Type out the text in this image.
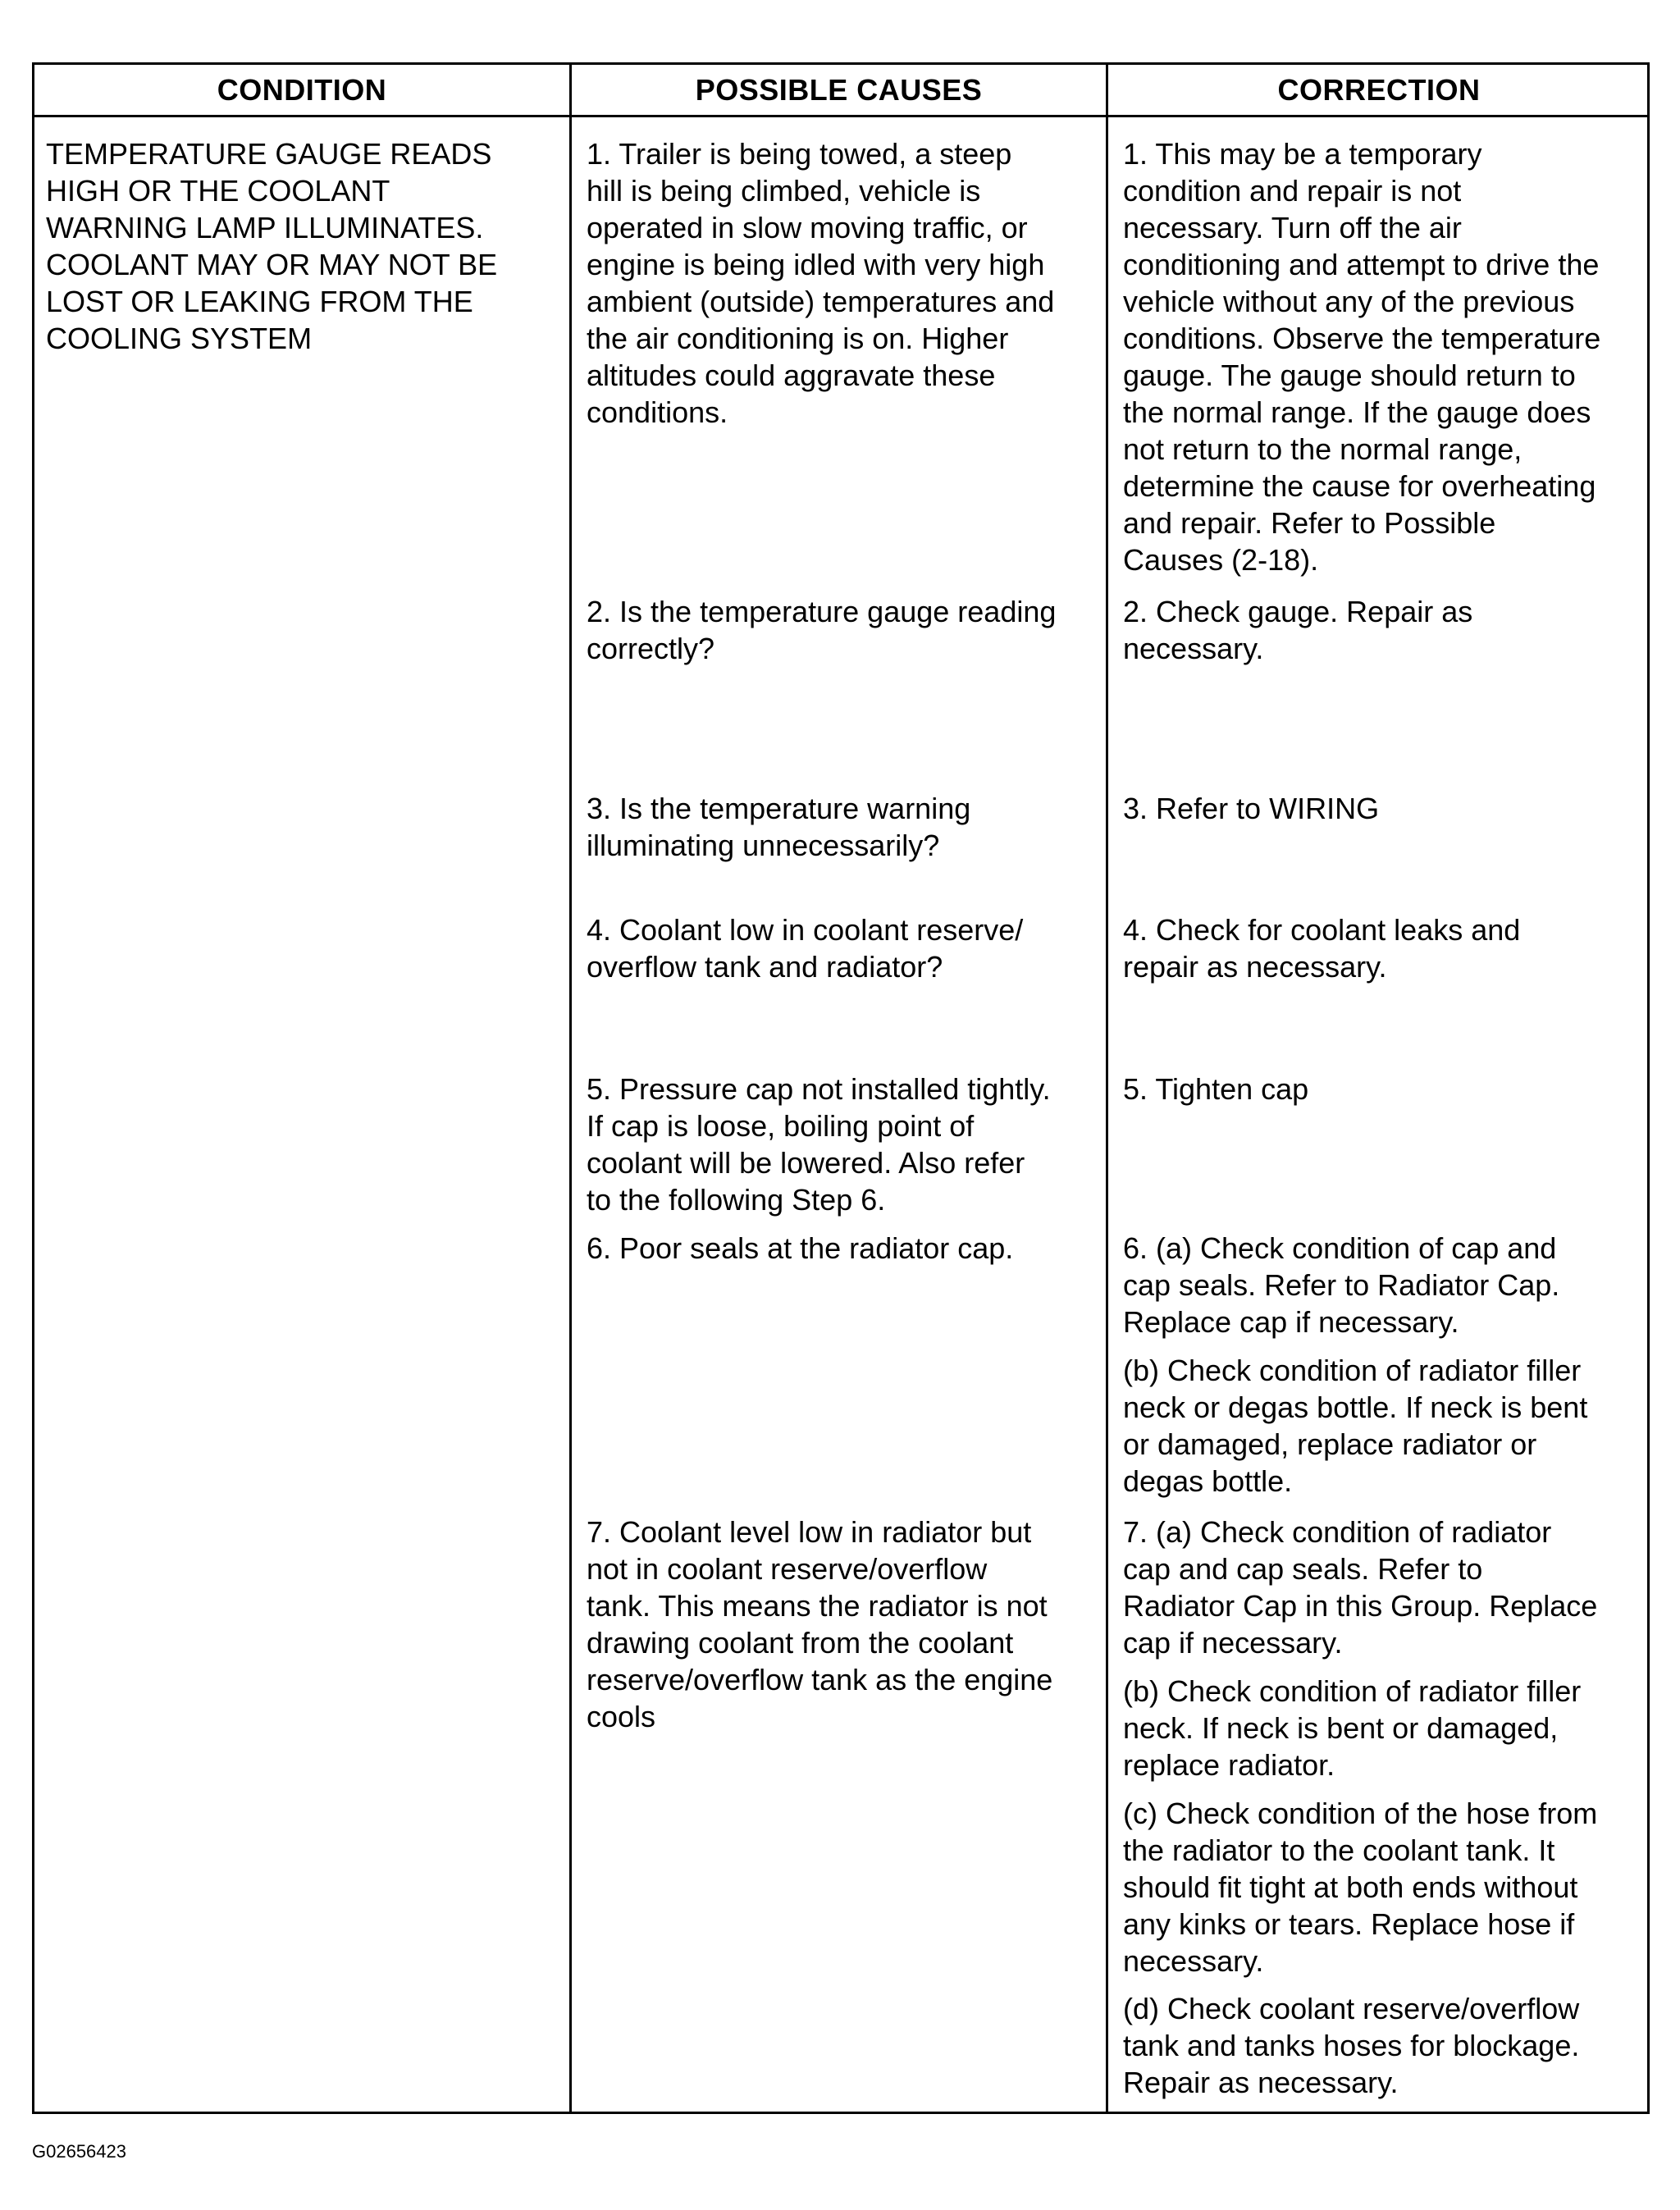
CONDITION	POSSIBLE CAUSES	CORRECTION
TEMPERATURE GAUGE READS
HIGH OR THE COOLANT
WARNING LAMP ILLUMINATES.
COOLANT MAY OR MAY NOT BE
LOST OR LEAKING FROM THE
COOLING SYSTEM
1. Trailer is being towed, a steep
hill is being climbed, vehicle is
operated in slow moving traffic, or
engine is being idled with very high
ambient (outside) temperatures and
the air conditioning is on. Higher
altitudes could aggravate these
conditions.
2. Is the temperature gauge reading
correctly?
3. Is the temperature warning
illuminating unnecessarily?
4. Coolant low in coolant reserve/
overflow tank and radiator?
5. Pressure cap not installed tightly.
If cap is loose, boiling point of
coolant will be lowered. Also refer
to the following Step 6.
6. Poor seals at the radiator cap.
7. Coolant level low in radiator but
not in coolant reserve/overflow
tank. This means the radiator is not
drawing coolant from the coolant
reserve/overflow tank as the engine
cools
1. This may be a temporary
condition and repair is not
necessary. Turn off the air
conditioning and attempt to drive the
vehicle without any of the previous
conditions. Observe the temperature
gauge. The gauge should return to
the normal range. If the gauge does
not return to the normal range,
determine the cause for overheating
and repair. Refer to Possible
Causes (2-18).
2. Check gauge. Repair as
necessary.
3. Refer to WIRING
4. Check for coolant leaks and
repair as necessary.
5. Tighten cap
6. (a) Check condition of cap and
cap seals. Refer to Radiator Cap.
Replace cap if necessary.
(b) Check condition of radiator filler
neck or degas bottle. If neck is bent
or damaged, replace radiator or
degas bottle.
7. (a) Check condition of radiator
cap and cap seals. Refer to
Radiator Cap in this Group. Replace
cap if necessary.
(b) Check condition of radiator filler
neck. If neck is bent or damaged,
replace radiator.
(c) Check condition of the hose from
the radiator to the coolant tank. It
should fit tight at both ends without
any kinks or tears. Replace hose if
necessary.
(d) Check coolant reserve/overflow
tank and tanks hoses for blockage.
Repair as necessary.
G02656423
